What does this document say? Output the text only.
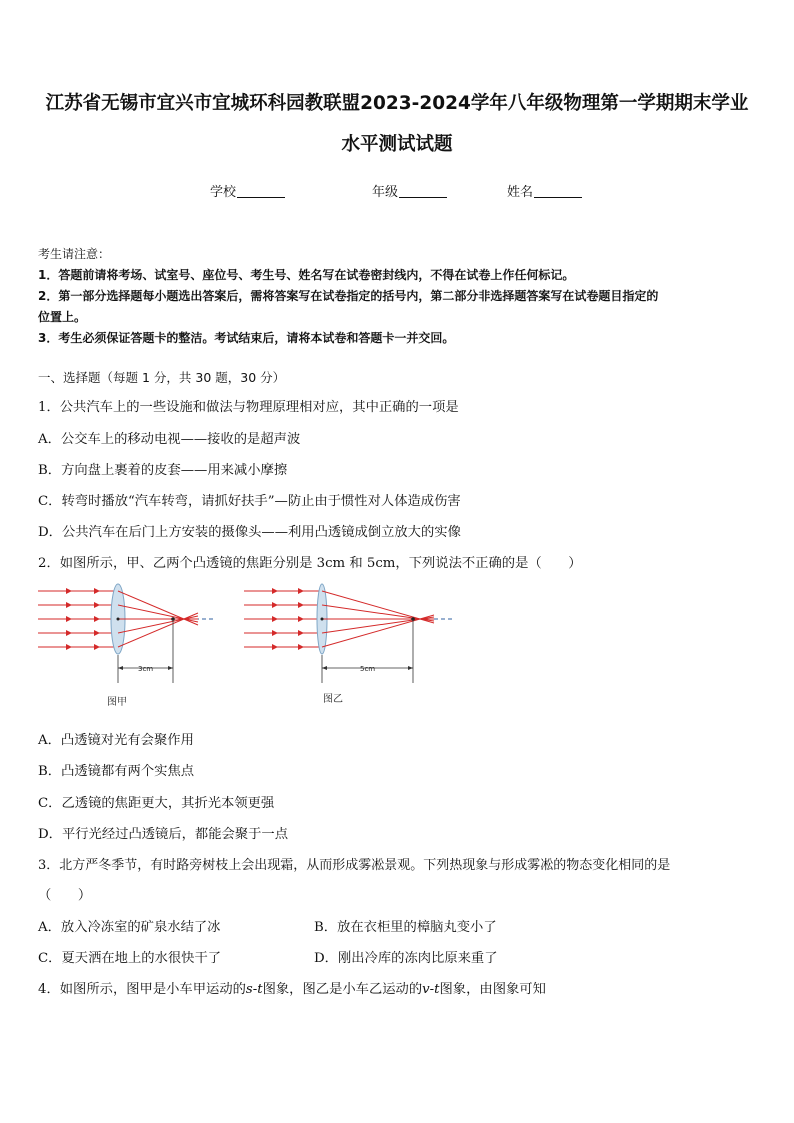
江苏省无锡市宜兴市宜城环科园教联盟2023-2024学年八年级物理第一学期期末学业
水平测试试题
学校	年级	姓名
考生请注意：
1．答题前请将考场、试室号、座位号、考生号、姓名写在试卷密封线内，不得在试卷上作任何标记。
2．第一部分选择题每小题选出答案后，需将答案写在试卷指定的括号内，第二部分非选择题答案写在试卷题目指定的
位置上。
3．考生必须保证答题卡的整洁。考试结束后，请将本试卷和答题卡一并交回。
一、选择题（每题 1 分，共 30 题，30 分）
1．公共汽车上的一些设施和做法与物理原理相对应，其中正确的一项是
A．公交车上的移动电视——接收的是超声波
B．方向盘上裹着的皮套——用来减小摩擦
C．转弯时播放“汽车转弯，请抓好扶手”—防止由于惯性对人体造成伤害
D．公共汽车在后门上方安装的摄像头——利用凸透镜成倒立放大的实像
2．如图所示，甲、乙两个凸透镜的焦距分别是 3cm 和 5cm，下列说法不正确的是（　　）
3cm
图甲
5cm
图乙
A．凸透镜对光有会聚作用
B．凸透镜都有两个实焦点
C．乙透镜的焦距更大，其折光本领更强
D．平行光经过凸透镜后，都能会聚于一点
3．北方严冬季节，有时路旁树枝上会出现霜，从而形成雾凇景观。下列热现象与形成雾凇的物态变化相同的是
（　　）
A．放入冷冻室的矿泉水结了冰	B．放在衣柜里的樟脑丸变小了
C．夏天洒在地上的水很快干了	D．刚出冷库的冻肉比原来重了
4．如图所示，图甲是小车甲运动的s-t图象，图乙是小车乙运动的v-t图象，由图象可知
